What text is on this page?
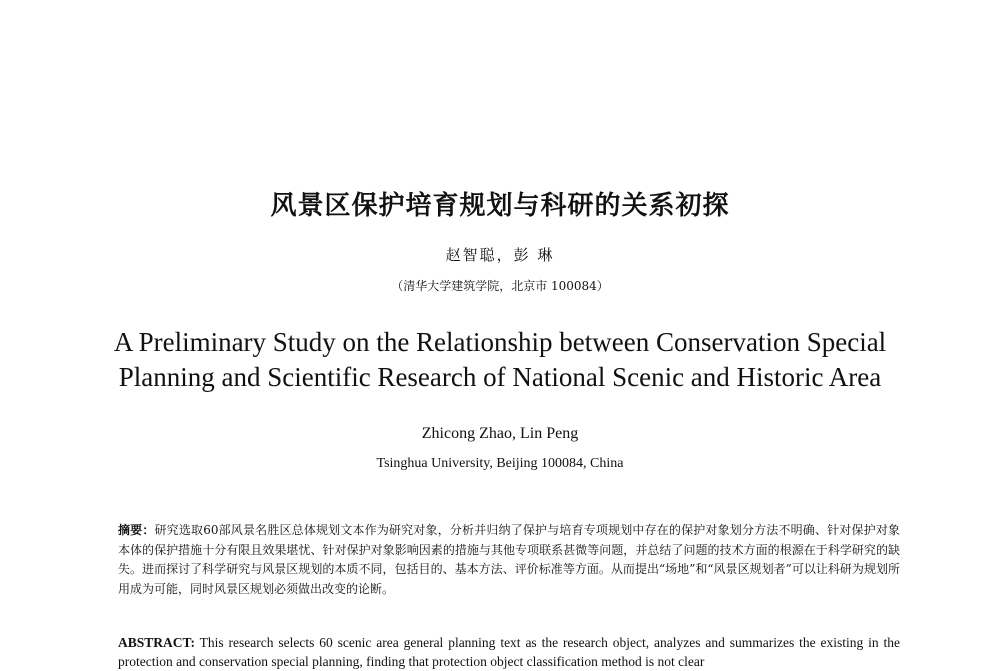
风景区保护培育规划与科研的关系初探
赵智聪，彭 琳
（清华大学建筑学院，北京市 100084）
A Preliminary Study on the Relationship between Conservation Special Planning and Scientific Research of National Scenic and Historic Area
Zhicong Zhao, Lin Peng
Tsinghua University, Beijing 100084, China
摘要：研究选取60部风景名胜区总体规划文本作为研究对象，分析并归纳了保护与培育专项规划中存在的保护对象划分方法不明确、针对保护对象本体的保护措施十分有限且效果堪忧、针对保护对象影响因素的措施与其他专项联系甚微等问题，并总结了问题的技术方面的根源在于科学研究的缺失。进而探讨了科学研究与风景区规划的本质不同，包括目的、基本方法、评价标准等方面。从而提出“场地”和“风景区规划者”可以让科研为规划所用成为可能，同时风景区规划必须做出改变的论断。
ABSTRACT: This research selects 60 scenic area general planning text as the research object, analyzes and summarizes the existing in the protection and conservation special planning, finding that protection object classification method is not clear
